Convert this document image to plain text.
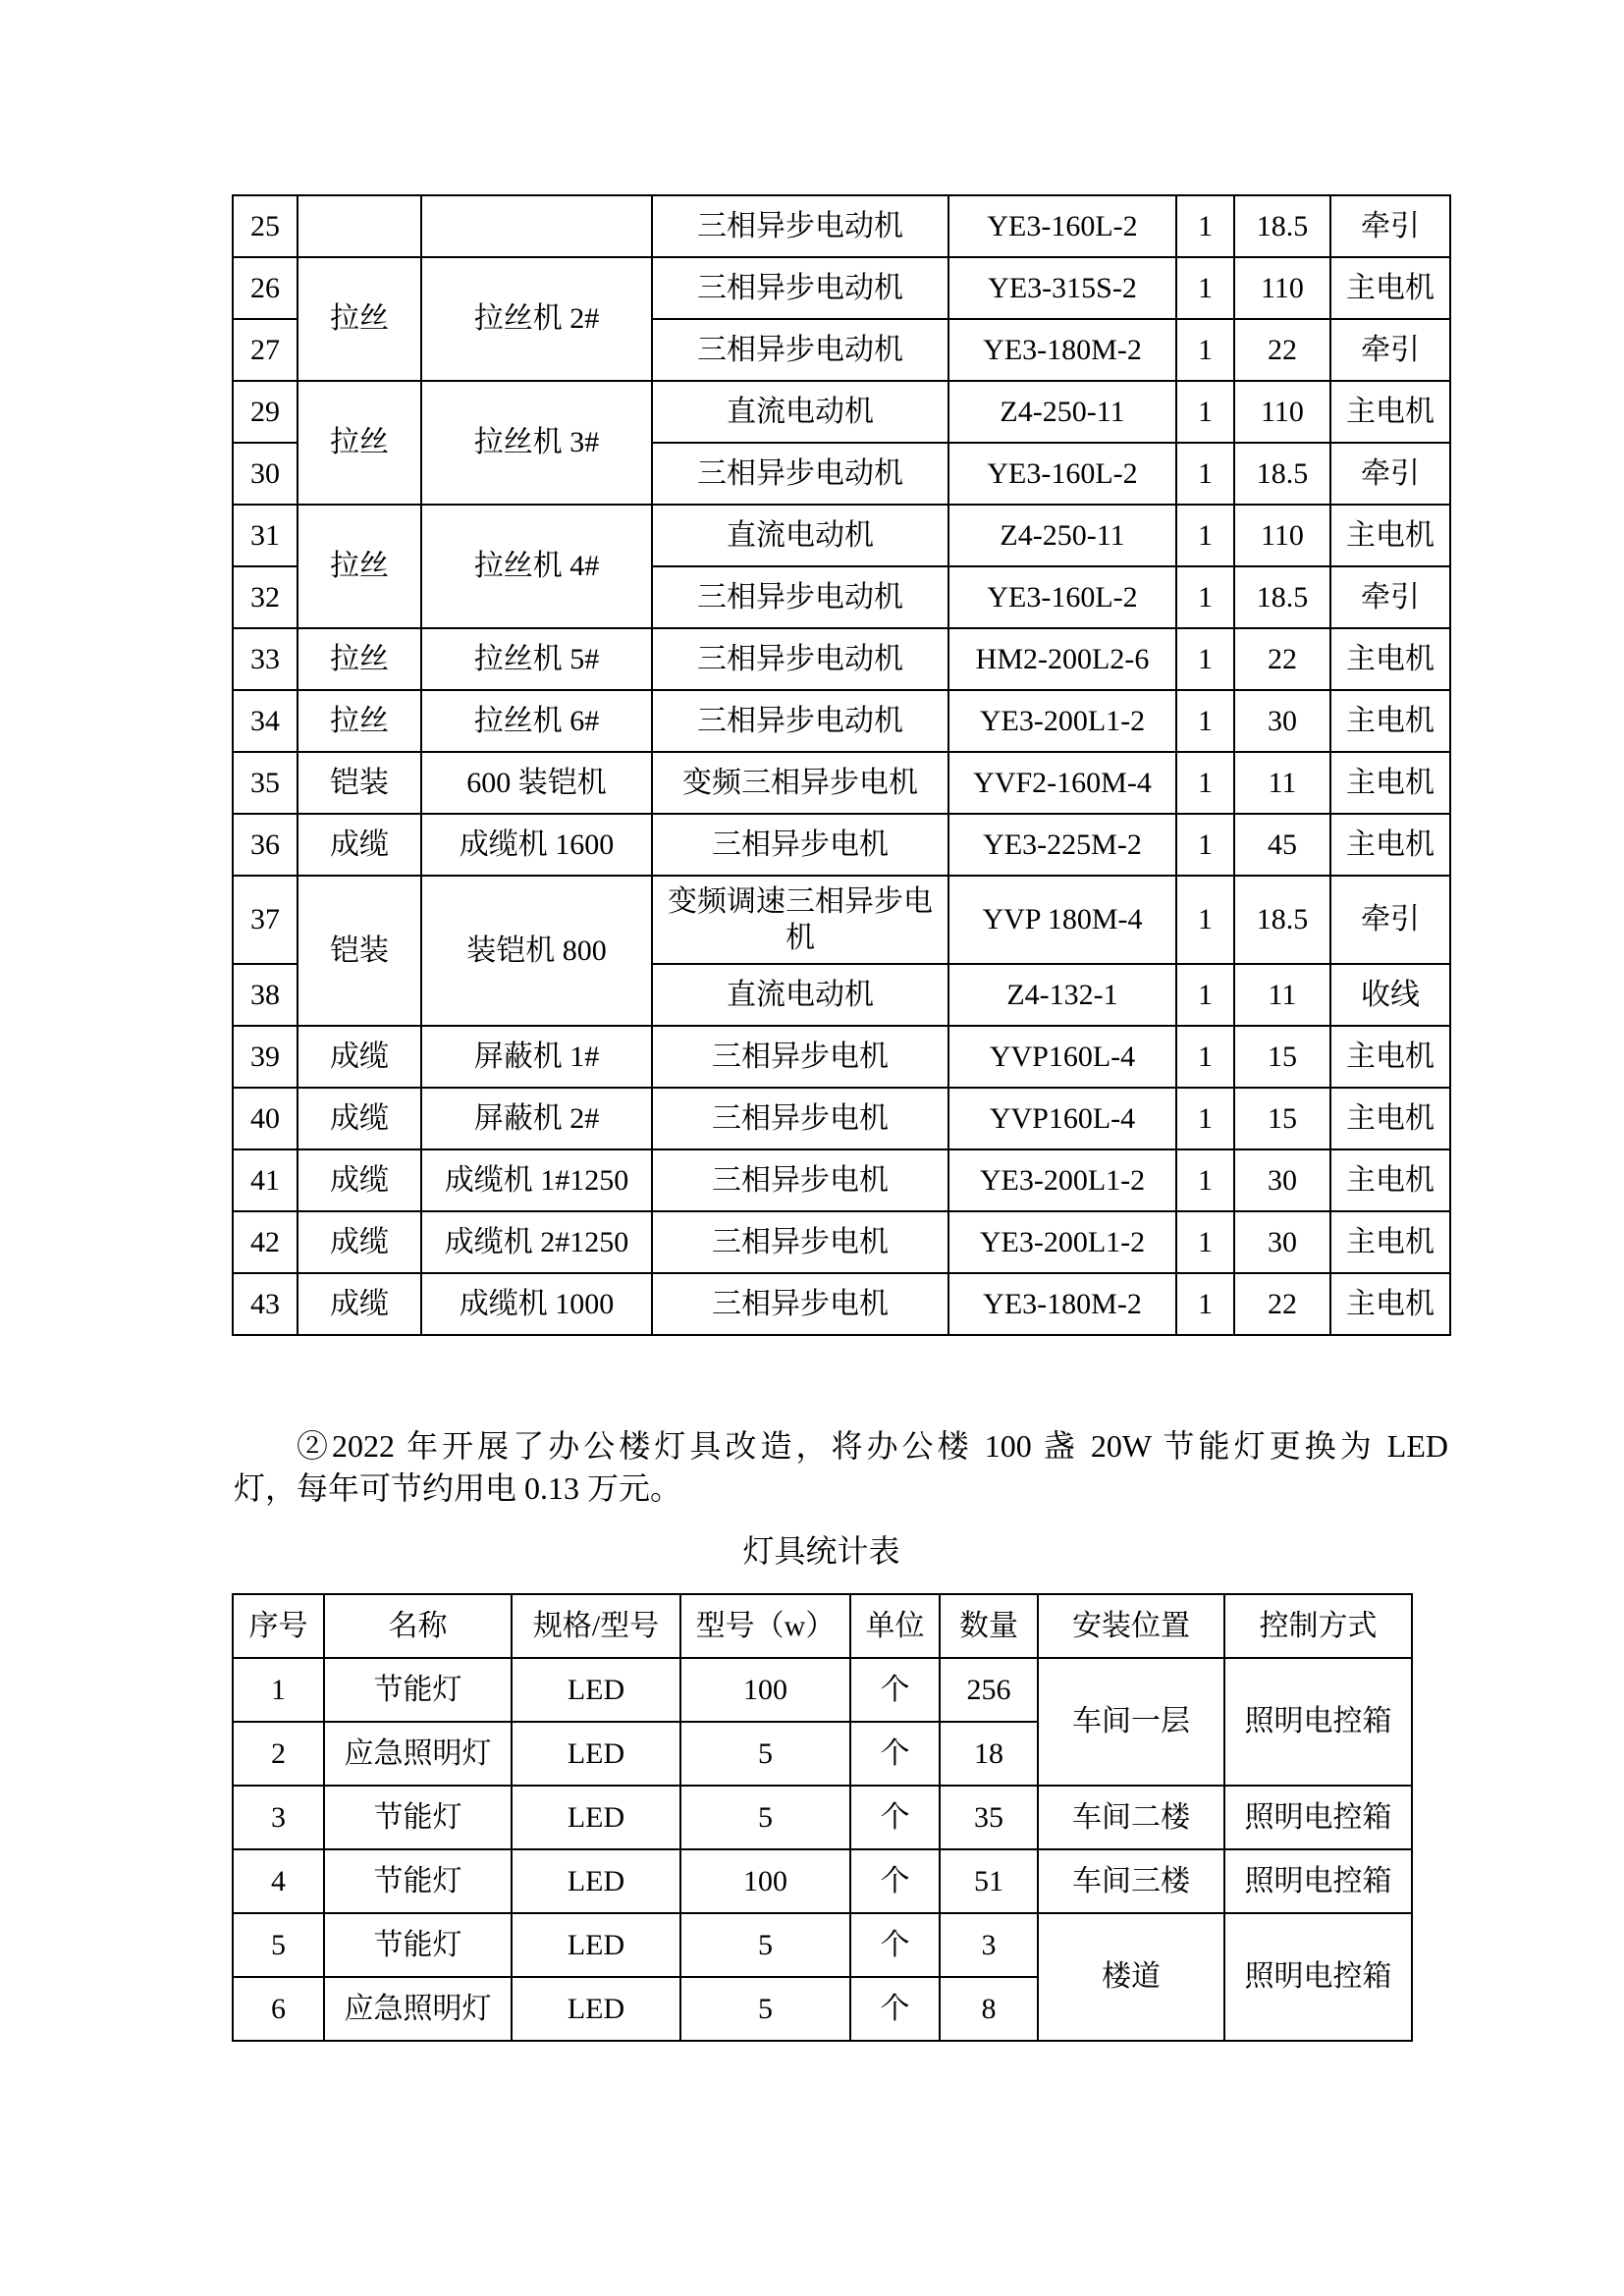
25			三相异步电动机	YE3-160L-2	1	18.5	牵引
26	拉丝	拉丝机 2#	三相异步电动机	YE3-315S-2	1	110	主电机
27			三相异步电动机	YE3-180M-2	1	22	牵引
29	拉丝	拉丝机 3#	直流电动机	Z4-250-11	1	110	主电机
30			三相异步电动机	YE3-160L-2	1	18.5	牵引
31	拉丝	拉丝机 4#	直流电动机	Z4-250-11	1	110	主电机
32			三相异步电动机	YE3-160L-2	1	18.5	牵引
33	拉丝	拉丝机 5#	三相异步电动机	HM2-200L2-6	1	22	主电机
34	拉丝	拉丝机 6#	三相异步电动机	YE3-200L1-2	1	30	主电机
35	铠装	600 装铠机	变频三相异步电机	YVF2-160M-4	1	11	主电机
36	成缆	成缆机 1600	三相异步电机	YE3-225M-2	1	45	主电机
37	铠装	装铠机 800	变频调速三相异步电机	YVP 180M-4	1	18.5	牵引
38			直流电动机	Z4-132-1	1	11	收线
39	成缆	屏蔽机 1#	三相异步电机	YVP160L-4	1	15	主电机
40	成缆	屏蔽机 2#	三相异步电机	YVP160L-4	1	15	主电机
41	成缆	成缆机 1#1250	三相异步电机	YE3-200L1-2	1	30	主电机
42	成缆	成缆机 2#1250	三相异步电机	YE3-200L1-2	1	30	主电机
43	成缆	成缆机 1000	三相异步电机	YE3-180M-2	1	22	主电机
②2022 年开展了办公楼灯具改造，将办公楼 100 盏 20W 节能灯更换为 LED
灯，每年可节约用电 0.13 万元。
灯具统计表
序号	名称	规格/型号	型号（w）	单位	数量	安装位置	控制方式
1	节能灯	LED	100	个	256	车间一层	照明电控箱
2	应急照明灯	LED	5	个	18		
3	节能灯	LED	5	个	35	车间二楼	照明电控箱
4	节能灯	LED	100	个	51	车间三楼	照明电控箱
5	节能灯	LED	5	个	3	楼道	照明电控箱
6	应急照明灯	LED	5	个	8		
